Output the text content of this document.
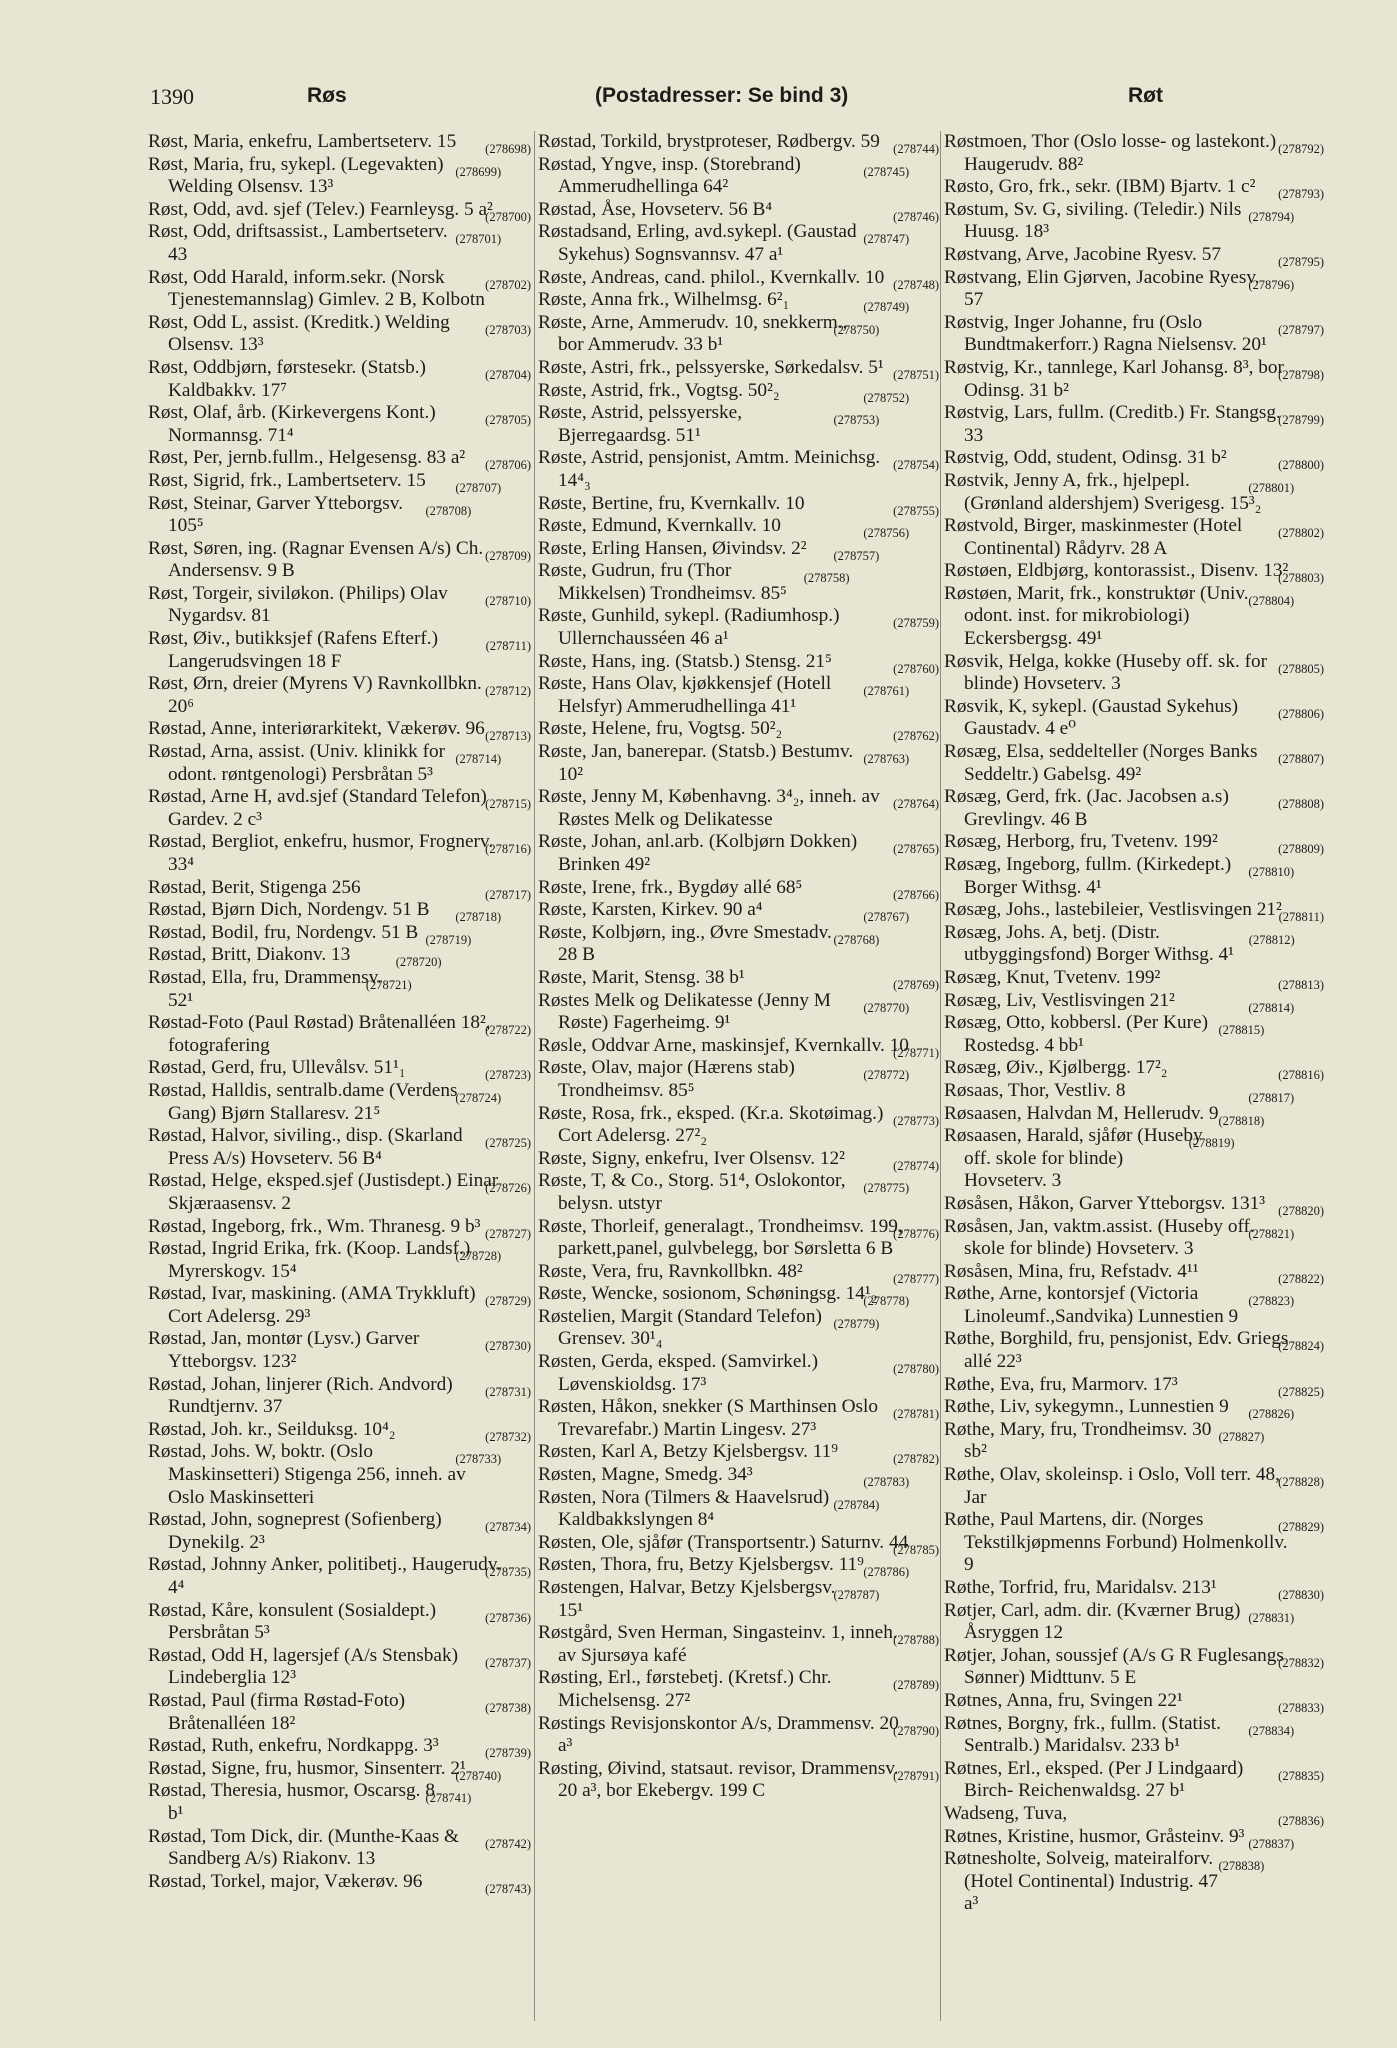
1390	Røs	(Postadresser: Se bind 3)	Røt
(278698)
Røst, Maria, enkefru, Lambertseterv. 15
(278699)
Røst, Maria, fru, sykepl. (Legevakten) Welding Olsensv. 13³
(278700)
Røst, Odd, avd. sjef (Telev.) Fearnleysg. 5 a²
(278701)
Røst, Odd, driftsassist., Lambertseterv. 43
(278702)
Røst, Odd Harald, inform.sekr. (Norsk Tjenestemannslag) Gimlev. 2 B, Kolbotn
(278703)
Røst, Odd L, assist. (Kreditk.) Welding Olsensv. 13³
(278704)
Røst, Oddbjørn, førstesekr. (Statsb.) Kaldbakkv. 17⁷
(278705)
Røst, Olaf, årb. (Kirkevergens Kont.) Normannsg. 71⁴
(278706)
Røst, Per, jernb.fullm., Helgesensg. 83 a²
(278707)
Røst, Sigrid, frk., Lambertseterv. 15
(278708)
Røst, Steinar, Garver Ytteborgsv. 105⁵
(278709)
Røst, Søren, ing. (Ragnar Evensen A/s) Ch. Andersensv. 9 B
(278710)
Røst, Torgeir, siviløkon. (Philips) Olav Nygardsv. 81
(278711)
Røst, Øiv., butikksjef (Rafens Efterf.) Langerudsvingen 18 F
(278712)
Røst, Ørn, dreier (Myrens V) Ravnkollbkn. 20⁶
(278713)
Røstad, Anne, interiørarkitekt, Vækerøv. 96
(278714)
Røstad, Arna, assist. (Univ. klinikk for odont. røntgenologi) Persbråtan 5³
(278715)
Røstad, Arne H, avd.sjef (Standard Telefon) Gardev. 2 c³
(278716)
Røstad, Bergliot, enkefru, husmor, Frognerv. 33⁴
(278717)
Røstad, Berit, Stigenga 256
(278718)
Røstad, Bjørn Dich, Nordengv. 51 B
(278719)
Røstad, Bodil, fru, Nordengv. 51 B
(278720)
Røstad, Britt, Diakonv. 13
(278721)
Røstad, Ella, fru, Drammensv. 52¹
(278722)
Røstad-Foto (Paul Røstad) Bråtenalléen 18², fotografering
(278723)
Røstad, Gerd, fru, Ullevålsv. 51¹₁
(278724)
Røstad, Halldis, sentralb.dame (Verdens Gang) Bjørn Stallaresv. 21⁵
(278725)
Røstad, Halvor, siviling., disp. (Skarland Press A/s) Hovseterv. 56 B⁴
(278726)
Røstad, Helge, eksped.sjef (Justisdept.) Einar Skjæraasensv. 2
(278727)
Røstad, Ingeborg, frk., Wm. Thranesg. 9 b³
(278728)
Røstad, Ingrid Erika, frk. (Koop. Landsf.) Myrerskogv. 15⁴
(278729)
Røstad, Ivar, maskining. (AMA Trykkluft) Cort Adelersg. 29³
(278730)
Røstad, Jan, montør (Lysv.) Garver Ytteborgsv. 123²
(278731)
Røstad, Johan, linjerer (Rich. Andvord) Rundtjernv. 37
(278732)
Røstad, Joh. kr., Seilduksg. 10⁴₂
(278733)
Røstad, Johs. W, boktr. (Oslo Maskinsetteri) Stigenga 256, inneh. av Oslo Maskinsetteri
(278734)
Røstad, John, sogneprest (Sofienberg) Dynekilg. 2³
(278735)
Røstad, Johnny Anker, politibetj., Haugerudv. 4⁴
(278736)
Røstad, Kåre, konsulent (Sosialdept.) Persbråtan 5³
(278737)
Røstad, Odd H, lagersjef (A/s Stensbak) Lindeberglia 12³
(278738)
Røstad, Paul (firma Røstad-Foto) Bråtenalléen 18²
(278739)
Røstad, Ruth, enkefru, Nordkappg. 3³
(278740)
Røstad, Signe, fru, husmor, Sinsenterr. 2¹
(278741)
Røstad, Theresia, husmor, Oscarsg. 8 b¹
(278742)
Røstad, Tom Dick, dir. (Munthe-Kaas & Sandberg A/s) Riakonv. 13
(278743)
Røstad, Torkel, major, Vækerøv. 96
(278744)
Røstad, Torkild, brystproteser, Rødbergv. 59
(278745)
Røstad, Yngve, insp. (Storebrand) Ammerudhellinga 64²
(278746)
Røstad, Åse, Hovseterv. 56 B⁴
(278747)
Røstadsand, Erling, avd.sykepl. (Gaustad Sykehus) Sognsvannsv. 47 a¹
(278748)
Røste, Andreas, cand. philol., Kvernkallv. 10
(278749)
Røste, Anna frk., Wilhelmsg. 6²₁
(278750)
Røste, Arne, Ammerudv. 10, snekkerm., bor Ammerudv. 33 b¹
(278751)
Røste, Astri, frk., pelssyerske, Sørkedalsv. 5¹
(278752)
Røste, Astrid, frk., Vogtsg. 50²₂
(278753)
Røste, Astrid, pelssyerske, Bjerregaardsg. 51¹
(278754)
Røste, Astrid, pensjonist, Amtm. Meinichsg. 14⁴₃
(278755)
Røste, Bertine, fru, Kvernkallv. 10
(278756)
Røste, Edmund, Kvernkallv. 10
(278757)
Røste, Erling Hansen, Øivindsv. 2²
(278758)
Røste, Gudrun, fru (Thor Mikkelsen) Trondheimsv. 85⁵
(278759)
Røste, Gunhild, sykepl. (Radiumhosp.) Ullernchausséen 46 a¹
(278760)
Røste, Hans, ing. (Statsb.) Stensg. 21⁵
(278761)
Røste, Hans Olav, kjøkkensjef (Hotell Helsfyr) Ammerudhellinga 41¹
(278762)
Røste, Helene, fru, Vogtsg. 50²₂
(278763)
Røste, Jan, banerepar. (Statsb.) Bestumv. 10²
(278764)
Røste, Jenny M, Københavng. 3⁴₂, inneh. av Røstes Melk og Delikatesse
(278765)
Røste, Johan, anl.arb. (Kolbjørn Dokken) Brinken 49²
(278766)
Røste, Irene, frk., Bygdøy allé 68⁵
(278767)
Røste, Karsten, Kirkev. 90 a⁴
(278768)
Røste, Kolbjørn, ing., Øvre Smestadv. 28 B
(278769)
Røste, Marit, Stensg. 38 b¹
(278770)
Røstes Melk og Delikatesse (Jenny M Røste) Fagerheimg. 9¹
(278771)
Røsle, Oddvar Arne, maskinsjef, Kvernkallv. 10
(278772)
Røste, Olav, major (Hærens stab) Trondheimsv. 85⁵
(278773)
Røste, Rosa, frk., eksped. (Kr.a. Skotøimag.) Cort Adelersg. 27²₂
(278774)
Røste, Signy, enkefru, Iver Olsensv. 12²
(278775)
Røste, T, & Co., Storg. 51⁴, Oslokontor, belysn. utstyr
(278776)
Røste, Thorleif, generalagt., Trondheimsv. 199, parkett,panel, gulvbelegg, bor Sørsletta 6 B
(278777)
Røste, Vera, fru, Ravnkollbkn. 48²
(278778)
Røste, Wencke, sosionom, Schøningsg. 14¹₂
(278779)
Røstelien, Margit (Standard Telefon) Grensev. 30¹₄
(278780)
Røsten, Gerda, eksped. (Samvirkel.) Løvenskioldsg. 17³
(278781)
Røsten, Håkon, snekker (S Marthinsen Oslo Trevarefabr.) Martin Lingesv. 27³
(278782)
Røsten, Karl A, Betzy Kjelsbergsv. 11⁹
(278783)
Røsten, Magne, Smedg. 34³
(278784)
Røsten, Nora (Tilmers & Haavelsrud) Kaldbakkslyngen 8⁴
(278785)
Røsten, Ole, sjåfør (Transportsentr.) Saturnv. 44
(278786)
Røsten, Thora, fru, Betzy Kjelsbergsv. 11⁹
(278787)
Røstengen, Halvar, Betzy Kjelsbergsv. 15¹
(278788)
Røstgård, Sven Herman, Singasteinv. 1, inneh. av Sjursøya kafé
(278789)
Røsting, Erl., førstebetj. (Kretsf.) Chr. Michelsensg. 27²
(278790)
Røstings Revisjonskontor A/s, Drammensv. 20 a³
(278791)
Røsting, Øivind, statsaut. revisor, Drammensv. 20 a³, bor Ekebergv. 199 C
(278792)
Røstmoen, Thor (Oslo losse- og lastekont.) Haugerudv. 88²
(278793)
Røsto, Gro, frk., sekr. (IBM) Bjartv. 1 c²
(278794)
Røstum, Sv. G, siviling. (Teledir.) Nils Huusg. 18³
(278795)
Røstvang, Arve, Jacobine Ryesv. 57
(278796)
Røstvang, Elin Gjørven, Jacobine Ryesv. 57
(278797)
Røstvig, Inger Johanne, fru (Oslo Bundtmakerforr.) Ragna Nielsensv. 20¹
(278798)
Røstvig, Kr., tannlege, Karl Johansg. 8³, bor Odinsg. 31 b²
(278799)
Røstvig, Lars, fullm. (Creditb.) Fr. Stangsg. 33
(278800)
Røstvig, Odd, student, Odinsg. 31 b²
(278801)
Røstvik, Jenny A, frk., hjelpepl. (Grønland aldershjem) Sverigesg. 15³₂
(278802)
Røstvold, Birger, maskinmester (Hotel Continental) Rådyrv. 28 A
(278803)
Røstøen, Eldbjørg, kontorassist., Disenv. 13²
(278804)
Røstøen, Marit, frk., konstruktør (Univ. odont. inst. for mikrobiologi) Eckersbergsg. 49¹
(278805)
Røsvik, Helga, kokke (Huseby off. sk. for blinde) Hovseterv. 3
(278806)
Røsvik, K, sykepl. (Gaustad Sykehus) Gaustadv. 4 e⁰
(278807)
Røsæg, Elsa, seddelteller (Norges Banks Seddeltr.) Gabelsg. 49²
(278808)
Røsæg, Gerd, frk. (Jac. Jacobsen a.s) Grevlingv. 46 B
(278809)
Røsæg, Herborg, fru, Tvetenv. 199²
(278810)
Røsæg, Ingeborg, fullm. (Kirkedept.) Borger Withsg. 4¹
(278811)
Røsæg, Johs., lastebileier, Vestlisvingen 21²
(278812)
Røsæg, Johs. A, betj. (Distr. utbyggingsfond) Borger Withsg. 4¹
(278813)
Røsæg, Knut, Tvetenv. 199²
(278814)
Røsæg, Liv, Vestlisvingen 21²
(278815)
Røsæg, Otto, kobbersl. (Per Kure) Rostedsg. 4 bb¹
(278816)
Røsæg, Øiv., Kjølbergg. 17²₂
(278817)
Røsaas, Thor, Vestliv. 8
(278818)
Røsaasen, Halvdan M, Hellerudv. 9
(278819)
Røsaasen, Harald, sjåfør (Huseby off. skole for blinde) Hovseterv. 3
(278820)
Røsåsen, Håkon, Garver Ytteborgsv. 131³
(278821)
Røsåsen, Jan, vaktm.assist. (Huseby off. skole for blinde) Hovseterv. 3
(278822)
Røsåsen, Mina, fru, Refstadv. 4¹¹
(278823)
Røthe, Arne, kontorsjef (Victoria Linoleumf.,Sandvika) Lunnestien 9
(278824)
Røthe, Borghild, fru, pensjonist, Edv. Griegs allé 22³
(278825)
Røthe, Eva, fru, Marmorv. 17³
(278826)
Røthe, Liv, sykegymn., Lunnestien 9
(278827)
Røthe, Mary, fru, Trondheimsv. 30 sb²
(278828)
Røthe, Olav, skoleinsp. i Oslo, Voll terr. 48, Jar
(278829)
Røthe, Paul Martens, dir. (Norges Tekstilkjøpmenns Forbund) Holmenkollv. 9
(278830)
Røthe, Torfrid, fru, Maridalsv. 213¹
(278831)
Røtjer, Carl, adm. dir. (Kværner Brug) Åsryggen 12
(278832)
Røtjer, Johan, soussjef (A/s G R Fuglesangs Sønner) Midttunv. 5 E
(278833)
Røtnes, Anna, fru, Svingen 22¹
(278834)
Røtnes, Borgny, frk., fullm. (Statist. Sentralb.) Maridalsv. 233 b¹
(278835)
Røtnes, Erl., eksped. (Per J Lindgaard) Birch- Reichenwaldsg. 27 b¹
(278836)
Wadseng, Tuva,
(278837)
Røtnes, Kristine, husmor, Gråsteinv. 9³
(278838)
Røtnesholte, Solveig, mateiralforv. (Hotel Continental) Industrig. 47 a³
